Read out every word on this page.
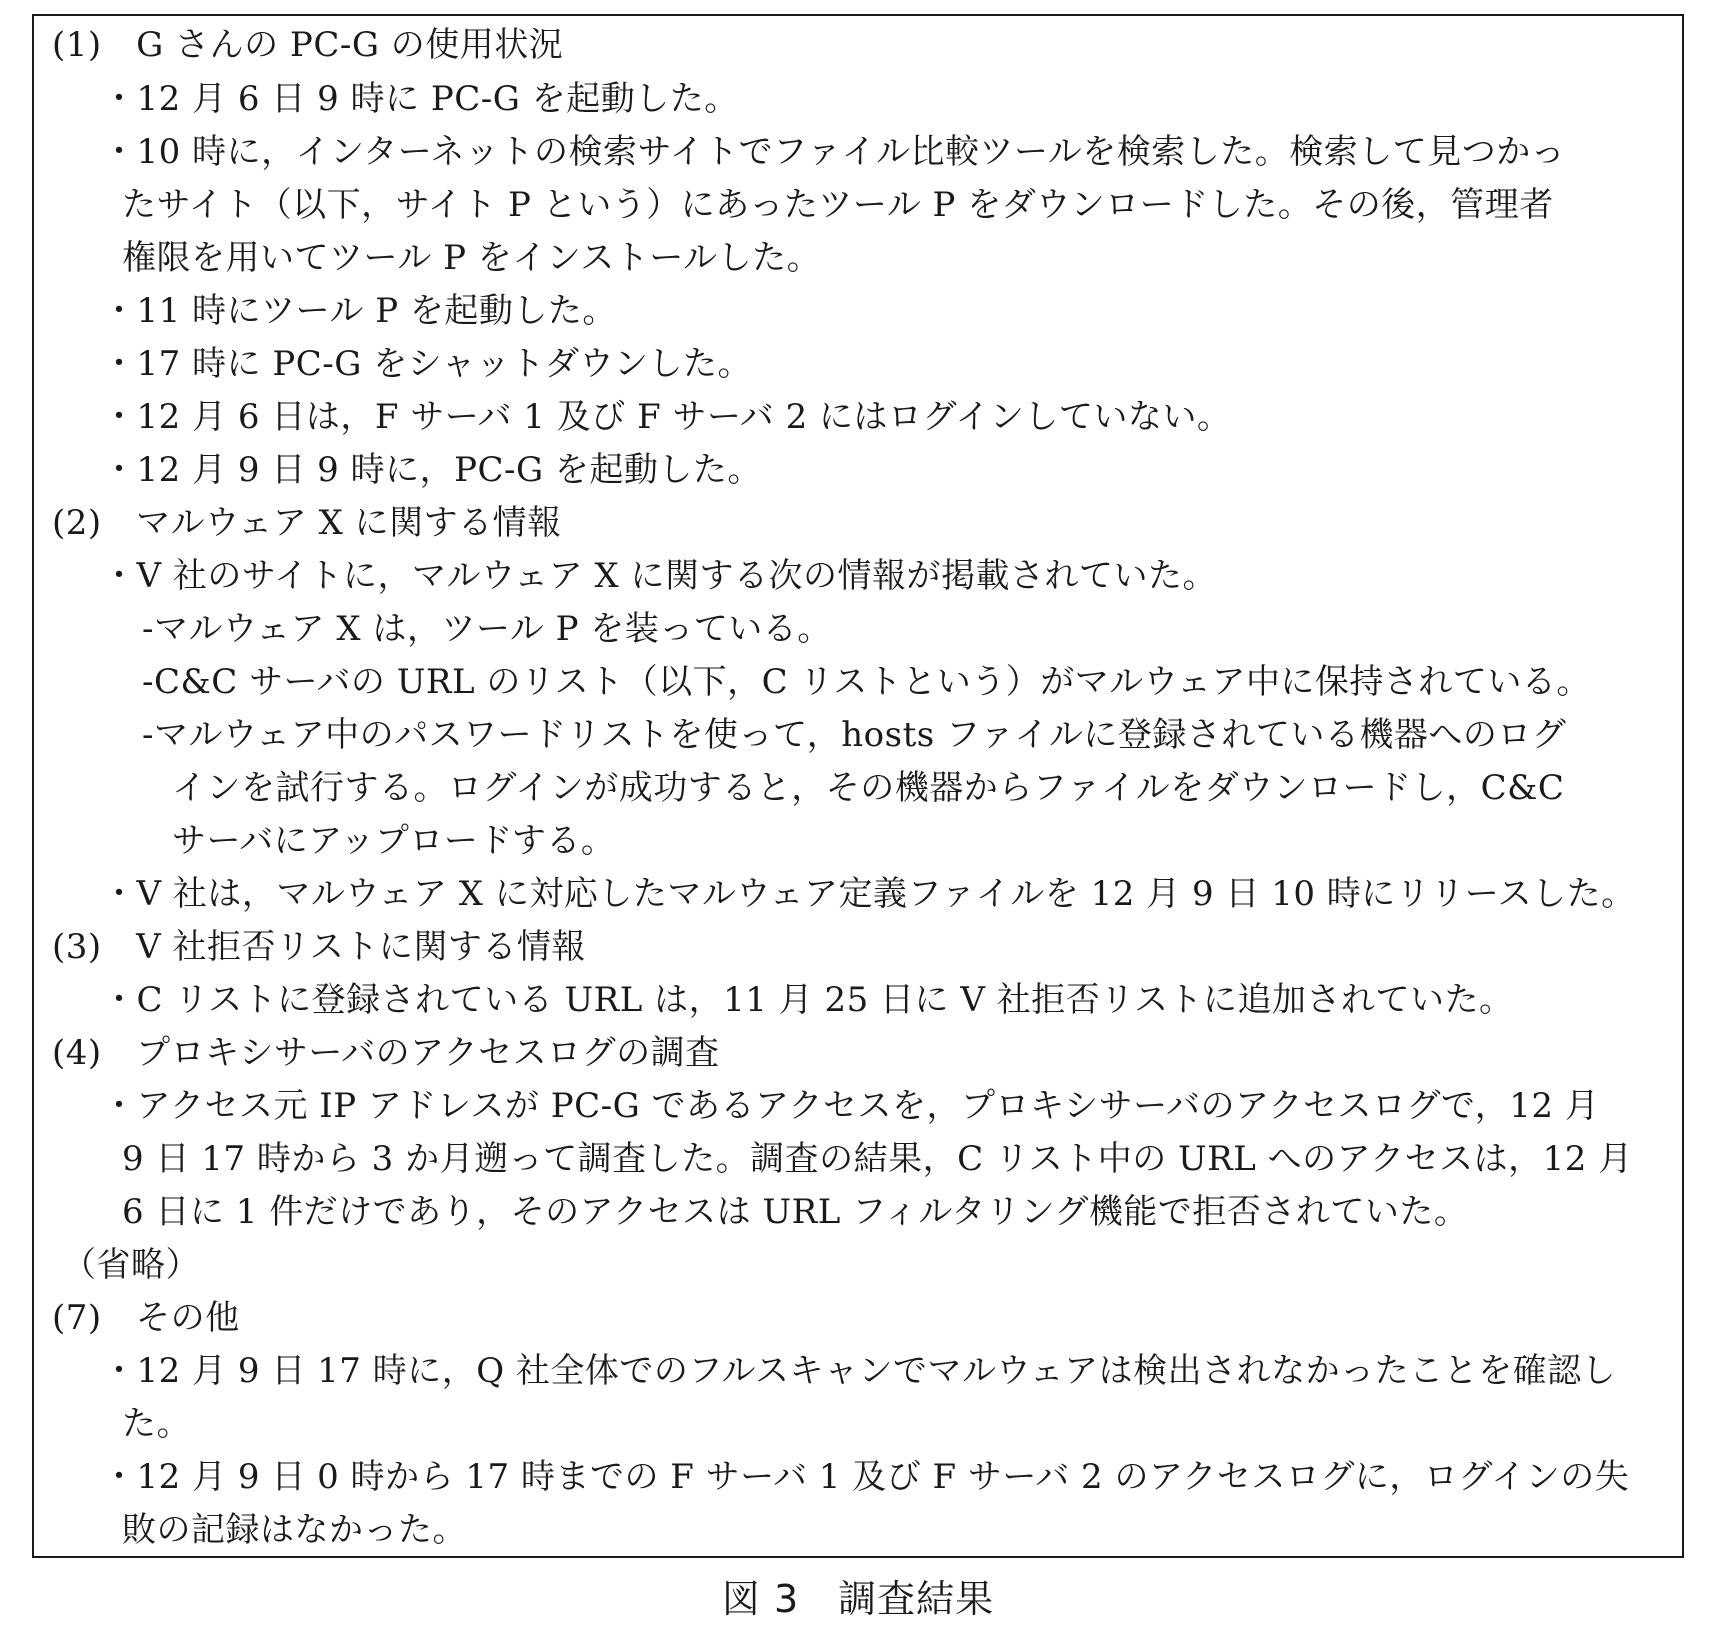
(1)　G さんの PC-G の使用状況
・12 月 6 日 9 時に PC-G を起動した。
・10 時に，インターネットの検索サイトでファイル比較ツールを検索した。検索して見つかっ
たサイト（以下，サイト P という）にあったツール P をダウンロードした。その後，管理者
権限を用いてツール P をインストールした。
・11 時にツール P を起動した。
・17 時に PC-G をシャットダウンした。
・12 月 6 日は，F サーバ 1 及び F サーバ 2 にはログインしていない。
・12 月 9 日 9 時に，PC-G を起動した。
(2)　マルウェア X に関する情報
・V 社のサイトに，マルウェア X に関する次の情報が掲載されていた。
‐マルウェア X は，ツール P を装っている。
‐C&C サーバの URL のリスト（以下，C リストという）がマルウェア中に保持されている。
‐マルウェア中のパスワードリストを使って，hosts ファイルに登録されている機器へのログ
インを試行する。ログインが成功すると，その機器からファイルをダウンロードし，C&C
サーバにアップロードする。
・V 社は，マルウェア X に対応したマルウェア定義ファイルを 12 月 9 日 10 時にリリースした。
(3)　V 社拒否リストに関する情報
・C リストに登録されている URL は，11 月 25 日に V 社拒否リストに追加されていた。
(4)　プロキシサーバのアクセスログの調査
・アクセス元 IP アドレスが PC-G であるアクセスを，プロキシサーバのアクセスログで，12 月
9 日 17 時から 3 か月遡って調査した。調査の結果，C リスト中の URL へのアクセスは，12 月
6 日に 1 件だけであり，そのアクセスは URL フィルタリング機能で拒否されていた。
（省略）
(7)　その他
・12 月 9 日 17 時に，Q 社全体でのフルスキャンでマルウェアは検出されなかったことを確認し
た。
・12 月 9 日 0 時から 17 時までの F サーバ 1 及び F サーバ 2 のアクセスログに，ログインの失
敗の記録はなかった。
図 3　調査結果
